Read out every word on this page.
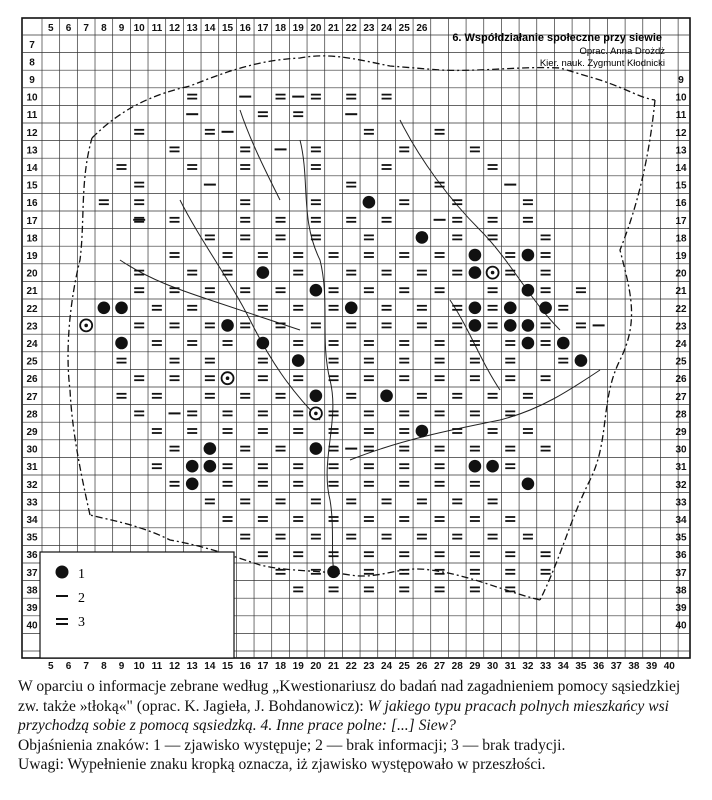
6. Współdziałanie społeczne przy siewie
Oprac. Anna Drożdż
Kier. nauk. Zygmunt Kłodnicki
1
2
3
5 6 7 8 9 10 11 12 13 14 15 16 17 18 19 20 21 22 23 24 25 26
5 6 7 8 9 10 11 12 13 14 15 16 17 18 19 20 21 22 23 24 25 26 27 28 29 30 31 32 33 34 35 36 37 38 39 40
7
8
9
10
11
12
13
14
15
16
17
18
19
20
21
22
23
24
25
26
27
28
29
30
31
32
33
34
35
36
37
38
39
40
9
10
11
12
13
14
15
16
17
18
19
20
21
22
23
24
25
26
27
28
29
30
31
32
33
34
35
36
37
38
39
40

W oparciu o informacje zebrane według „Kwestionariusz do badań nad zagadnieniem pomocy sąsiedzkiej zw. także »tłoką«" (oprac. K. Jagieła, J. Bohdanowicz): W jakiego typu pracach polnych mieszkańcy wsi przychodzą sobie z pomocą sąsiedzką. 4. Inne prace polne: [...] Siew?

Objaśnienia znaków: 1 — zjawisko występuje; 2 — brak informacji; 3 — brak tradycji.

Uwagi: Wypełnienie znaku kropką oznacza, iż zjawisko występowało w przeszłości.
